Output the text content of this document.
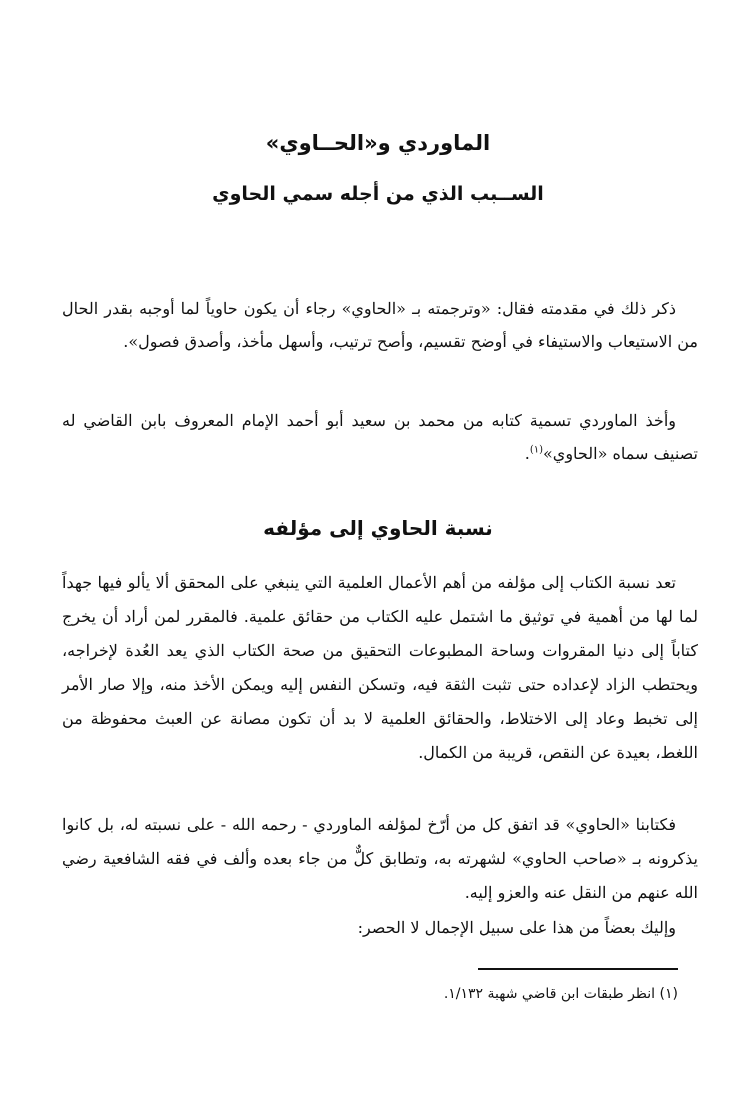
الماوردي و«الحــاوي»
الســبب الذي من أجله سمي الحاوي

ذكر ذلك في مقدمته فقال: «وترجمته بـ «الحاوي» رجاء أن يكون حاوياً لما أوجبه بقدر الحال من الاستيعاب والاستيفاء في أوضح تقسيم، وأصح ترتيب، وأسهل مأخذ، وأصدق فصول».

وأخذ الماوردي تسمية كتابه من محمد بن سعيد أبو أحمد الإمام المعروف بابن القاضي له تصنيف سماه «الحاوي»$^{(١)}$.

نسبة الحاوي إلى مؤلفه

تعد نسبة الكتاب إلى مؤلفه من أهم الأعمال العلمية التي ينبغي على المحقق ألا يألو فيها جهداً لما لها من أهمية في توثيق ما اشتمل عليه الكتاب من حقائق علمية. فالمقرر لمن أراد أن يخرج كتاباً إلى دنيا المقروات وساحة المطبوعات التحقيق من صحة الكتاب الذي يعد العُدة لإخراجه، ويحتطب الزاد لإعداده حتى تثبت الثقة فيه، وتسكن النفس إليه ويمكن الأخذ منه، وإلا صار الأمر إلى تخبط وعاد إلى الاختلاط، والحقائق العلمية لا بد أن تكون مصانة عن العبث محفوظة من اللغط، بعيدة عن النقص، قريبة من الكمال.

فكتابنا «الحاوي» قد اتفق كل من أرّخ لمؤلفه الماوردي - رحمه الله - على نسبته له، بل كانوا يذكرونه بـ «صاحب الحاوي» لشهرته به، وتطابق كلٌّ من جاء بعده وألف في فقه الشافعية رضي الله عنهم من النقل عنه والعزو إليه.

وإليك بعضاً من هذا على سبيل الإجمال لا الحصر:

(١) انظر طبقات ابن قاضي شهبة ١/١٣٢.
